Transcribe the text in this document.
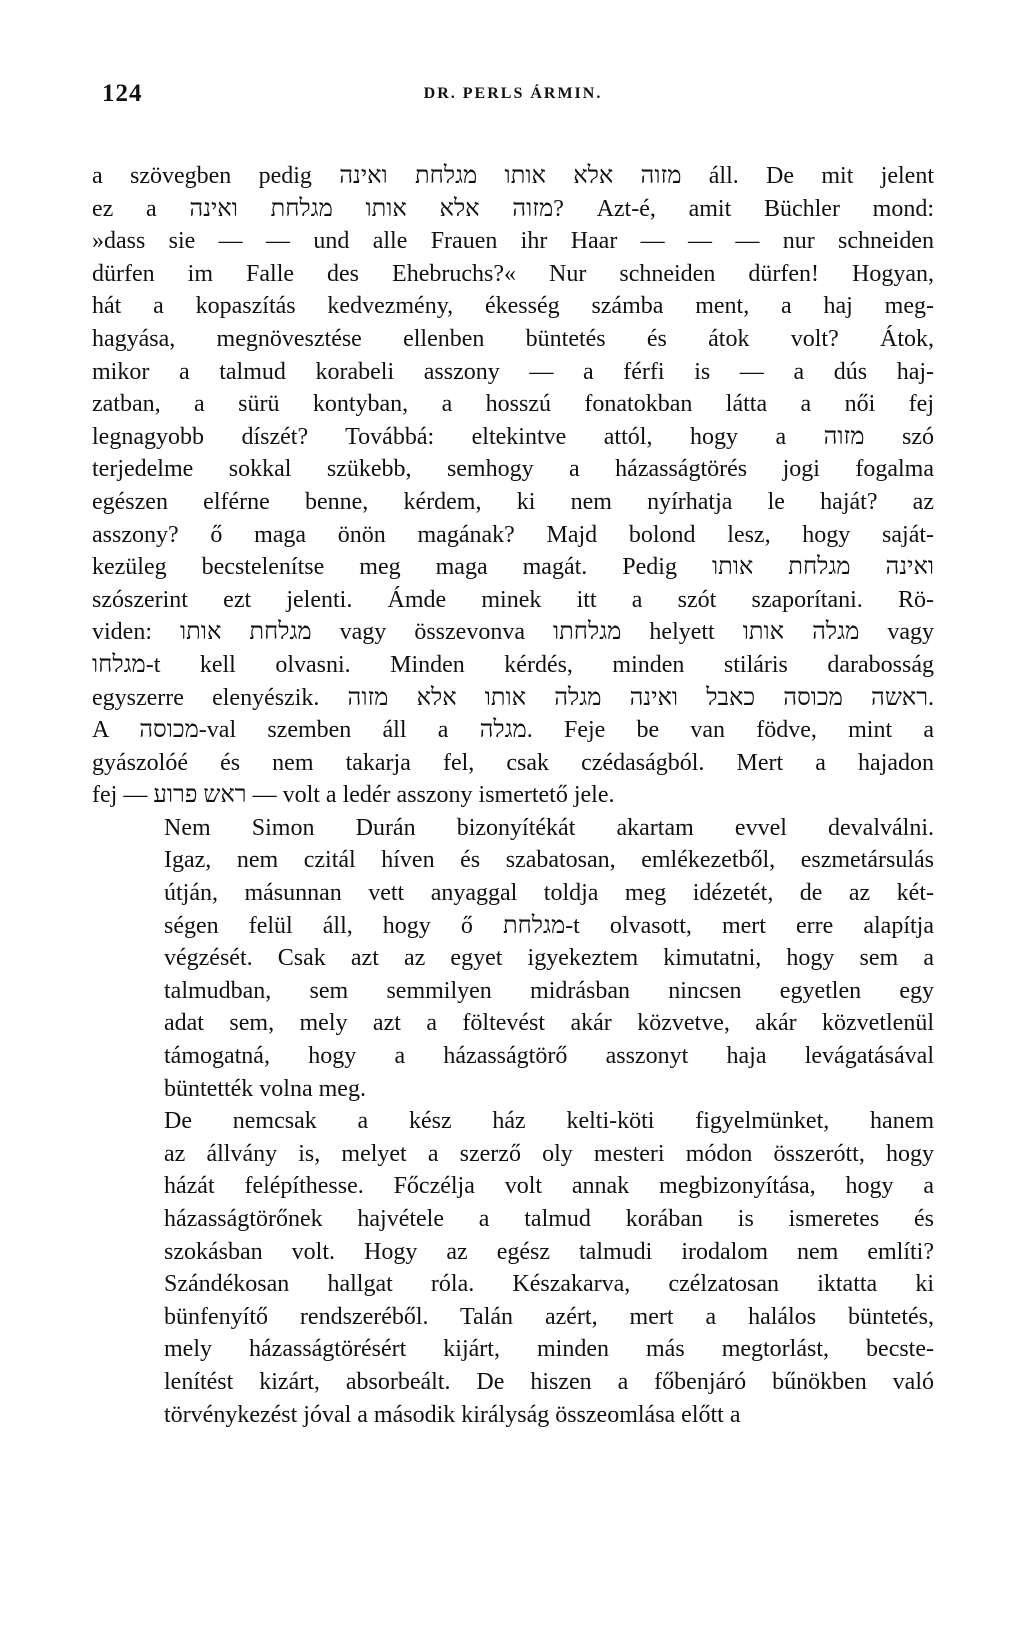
124	DR. PERLS ÁRMIN.
a szövegben pedig מזוה אלא אותו מגלחת ואינה áll. De mit jelent
ez a מזוה אלא אותו מגלחת ואינה? Azt-é, amit Büchler mond:
»dass sie — — und alle Frauen ihr Haar — — — nur schneiden
dürfen im Falle des Ehebruchs?« Nur schneiden dürfen! Hogyan,
hát a kopaszítás kedvezmény, ékesség számba ment, a haj meg-
hagyása, megnövesztése ellenben büntetés és átok volt? Átok,
mikor a talmud korabeli asszony — a férfi is — a dús haj-
zatban, a sürü kontyban, a hosszú fonatokban látta a női fej
legnagyobb díszét? Továbbá: eltekintve attól, hogy a מזוה szó
terjedelme sokkal szükebb, semhogy a házasságtörés jogi fogalma
egészen elférne benne, kérdem, ki nem nyírhatja le haját? az
asszony? ő maga önön magának? Majd bolond lesz, hogy saját-
kezüleg becstelenítse meg maga magát. Pedig ואינה מגלחת אותו
szószerint ezt jelenti. Ámde minek itt a szót szaporítani. Rö-
viden: מגלחת אותו vagy összevonva מגלחתו helyett מגלה אותו vagy
מגלחו-t kell olvasni. Minden kérdés, minden stiláris darabosság
egyszerre elenyészik. ראשה מכוסה כאבל ואינה מגלה אותו אלא מזוה.
A מכוסה-val szemben áll a מגלה. Feje be van födve, mint a
gyászolóé és nem takarja fel, csak czédaságból. Mert a hajadon
fej — ראש פרוע — volt a ledér asszony ismertető jele.
Nem Simon Durán bizonyítékát akartam evvel devalválni.
Igaz, nem czitál híven és szabatosan, emlékezetből, eszmetársulás
útján, másunnan vett anyaggal toldja meg idézetét, de az két-
ségen felül áll, hogy ő מגלחת-t olvasott, mert erre alapítja
végzését. Csak azt az egyet igyekeztem kimutatni, hogy sem a
talmudban, sem semmilyen midrásban nincsen egyetlen egy
adat sem, mely azt a föltevést akár közvetve, akár közvetlenül
támogatná, hogy a házasságtörő asszonyt haja levágatásával
büntették volna meg.
De nemcsak a kész ház kelti-köti figyelmünket, hanem
az állvány is, melyet a szerző oly mesteri módon összerótt, hogy
házát felépíthesse. Főczélja volt annak megbizonyítása, hogy a
házasságtörőnek hajvétele a talmud korában is ismeretes és
szokásban volt. Hogy az egész talmudi irodalom nem említi?
Szándékosan hallgat róla. Készakarva, czélzatosan iktatta ki
bünfenyítő rendszeréből. Talán azért, mert a halálos büntetés,
mely házasságtörésért kijárt, minden más megtorlást, becste-
lenítést kizárt, absorbeált. De hiszen a főbenjáró bűnökben való
törvénykezést jóval a második királyság összeomlása előtt a
